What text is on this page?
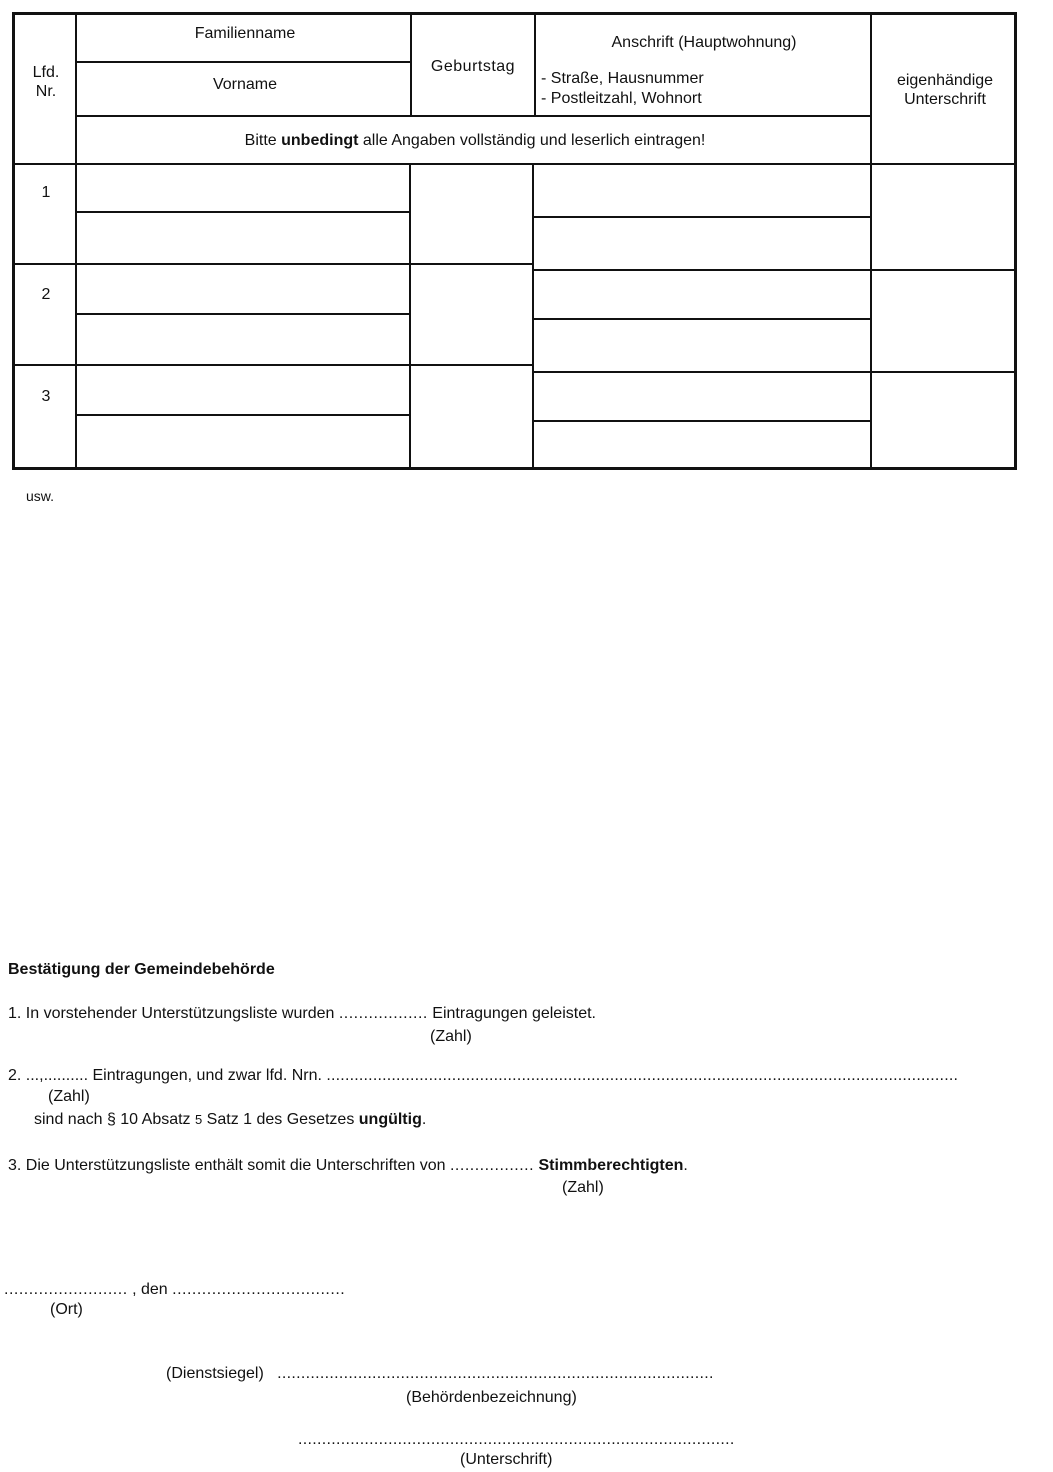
Lfd.
Nr.
Familienname
Vorname
Geburtstag
Anschrift (Hauptwohnung)
- Straße, Hausnummer
- Postleitzahl, Wohnort
eigenhändige
Unterschrift
Bitte unbedingt alle Angaben vollständig und leserlich eintragen!
1
2
3
usw.
Bestätigung der Gemeindebehörde
1. In vorstehender Unterstützungsliste wurden .................. Eintragungen geleistet.
(Zahl)
2. ...,.......... Eintragungen, und zwar lfd. Nrn. ........................................................................................................................................
(Zahl)
sind nach § 10 Absatz 5 Satz 1 des Gesetzes ungültig.
3. Die Unterstützungsliste enthält somit die Unterschriften von ................. Stimmberechtigten.
(Zahl)
......................... , den ...................................
(Ort)
(Dienstsiegel) ............................................................................................
(Behördenbezeichnung)
............................................................................................
(Unterschrift)
